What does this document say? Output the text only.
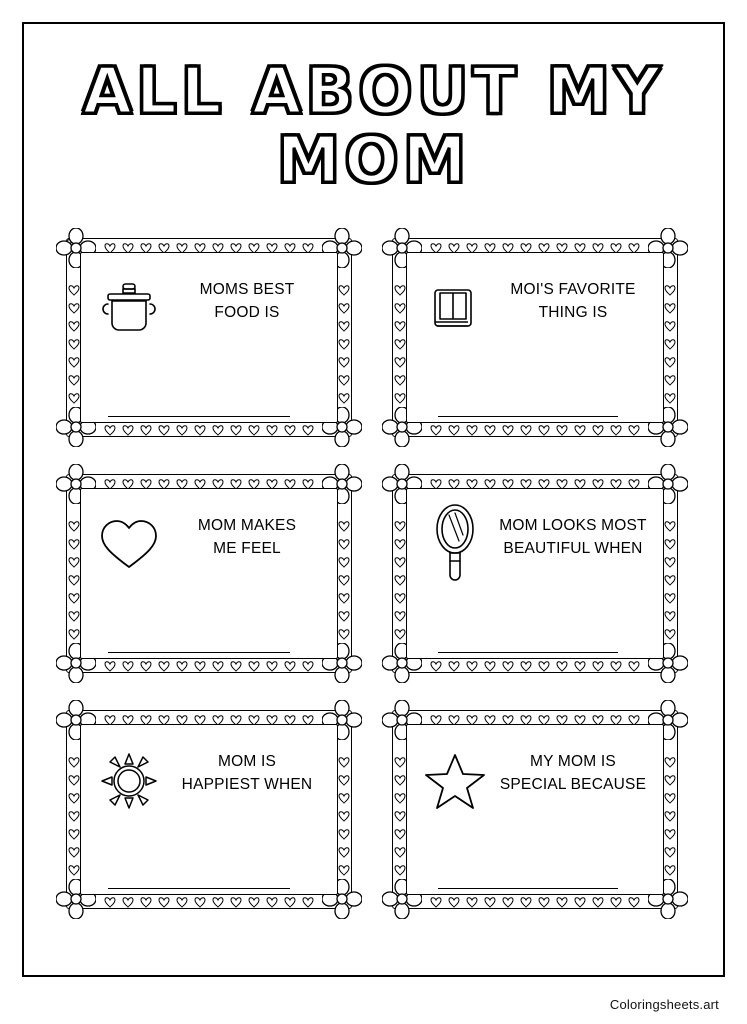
ALL ABOUT MY
MOM
MOMS BEST
FOOD IS
MOI'S FAVORITE
THING IS
MOM MAKES
ME FEEL
MOM LOOKS MOST
BEAUTIFUL WHEN
MOM IS
HAPPIEST WHEN
MY MOM IS
SPECIAL BECAUSE
Coloringsheets.art
